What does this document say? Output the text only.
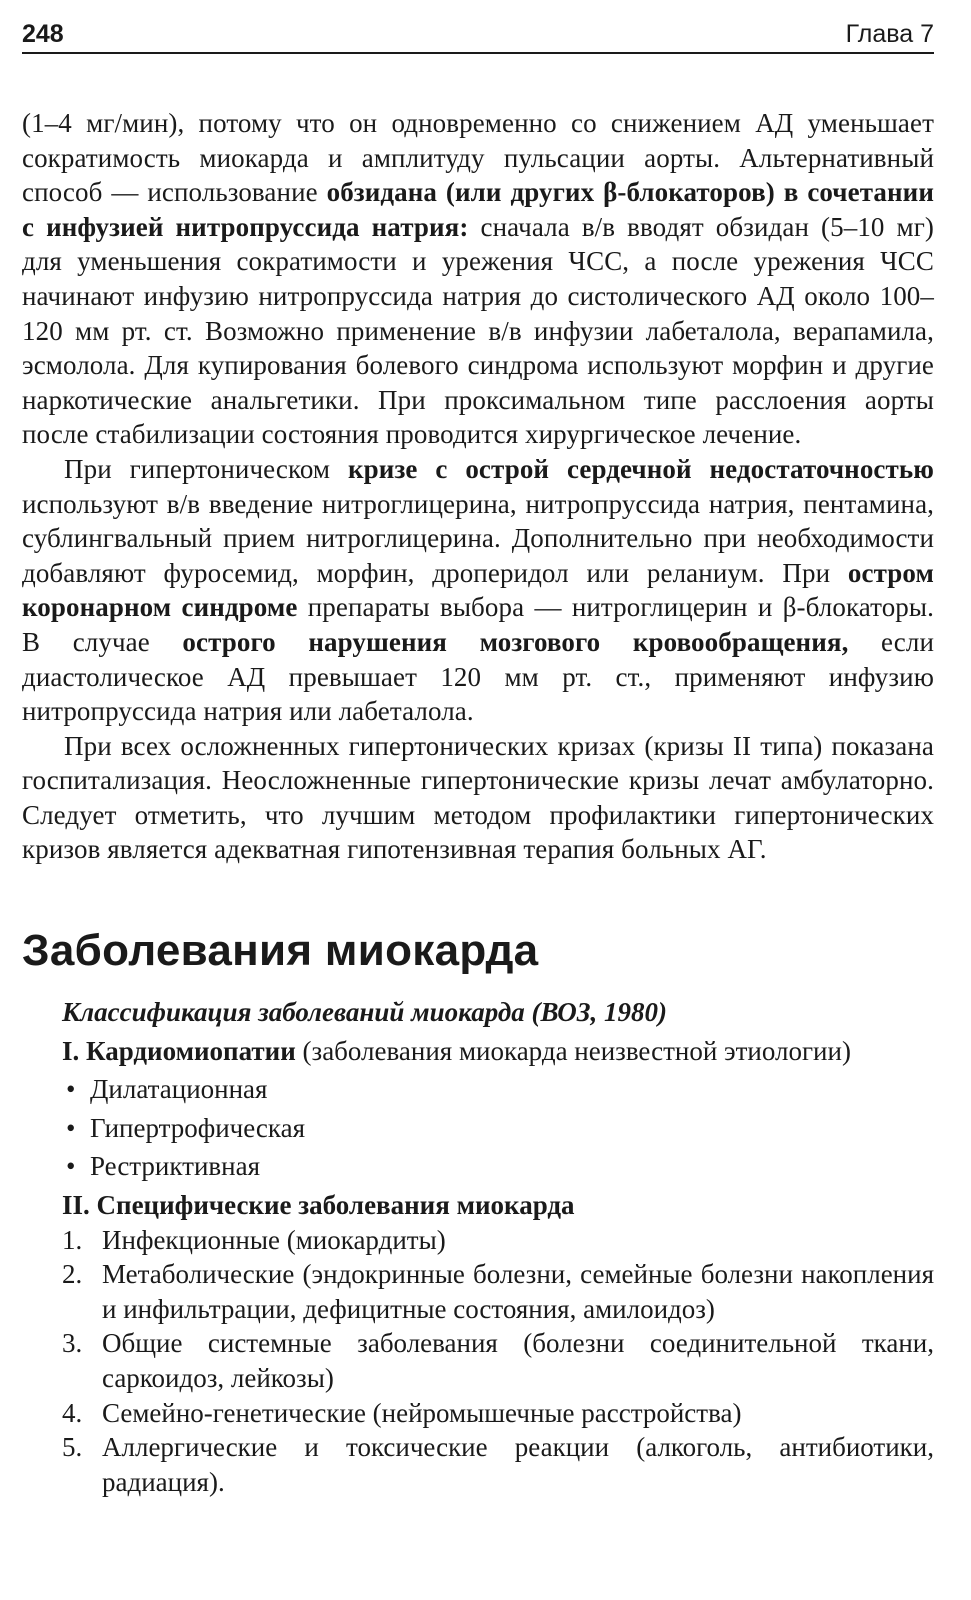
248	Глава 7

(1–4 мг/мин), потому что он одновременно со снижением АД уменьшает сократимость миокарда и амплитуду пульсации аорты. Альтернативный способ — использование обзидана (или других β-блокаторов) в сочетании с инфузией нитропруссида натрия: сначала в/в вводят обзидан (5–10 мг) для уменьшения сократимости и урежения ЧСС, а после урежения ЧСС начинают инфузию нитропруссида натрия до систолического АД около 100–120 мм рт. ст. Возможно применение в/в инфузии лабеталола, верапамила, эсмолола. Для купирования болевого синдрома используют морфин и другие наркотические анальгетики. При проксимальном типе расслоения аорты после стабилизации состояния проводится хирургическое лечение.

При гипертоническом кризе с острой сердечной недостаточностью используют в/в введение нитроглицерина, нитропруссида натрия, пентамина, сублингвальный прием нитроглицерина. Дополнительно при необходимости добавляют фуросемид, морфин, дроперидол или реланиум. При остром коронарном синдроме препараты выбора — нитроглицерин и β-блокаторы. В случае острого нарушения мозгового кровообращения, если диастолическое АД превышает 120 мм рт. ст., применяют инфузию нитропруссида натрия или лабеталола.

При всех осложненных гипертонических кризах (кризы II типа) показана госпитализация. Неосложненные гипертонические кризы лечат амбулаторно. Следует отметить, что лучшим методом профилактики гипертонических кризов является адекватная гипотензивная терапия больных АГ.

Заболевания миокарда
Классификация заболеваний миокарда (ВОЗ, 1980)
I. Кардиомиопатии (заболевания миокарда неизвестной этиологии)
• Дилатационная
• Гипертрофическая
• Рестриктивная
II. Специфические заболевания миокарда
1. Инфекционные (миокардиты)
2. Метаболические (эндокринные болезни, семейные болезни накопления и инфильтрации, дефицитные состояния, амилоидоз)
3. Общие системные заболевания (болезни соединительной ткани, саркоидоз, лейкозы)
4. Семейно-генетические (нейромышечные расстройства)
5. Аллергические и токсические реакции (алкоголь, антибиотики, радиация).
